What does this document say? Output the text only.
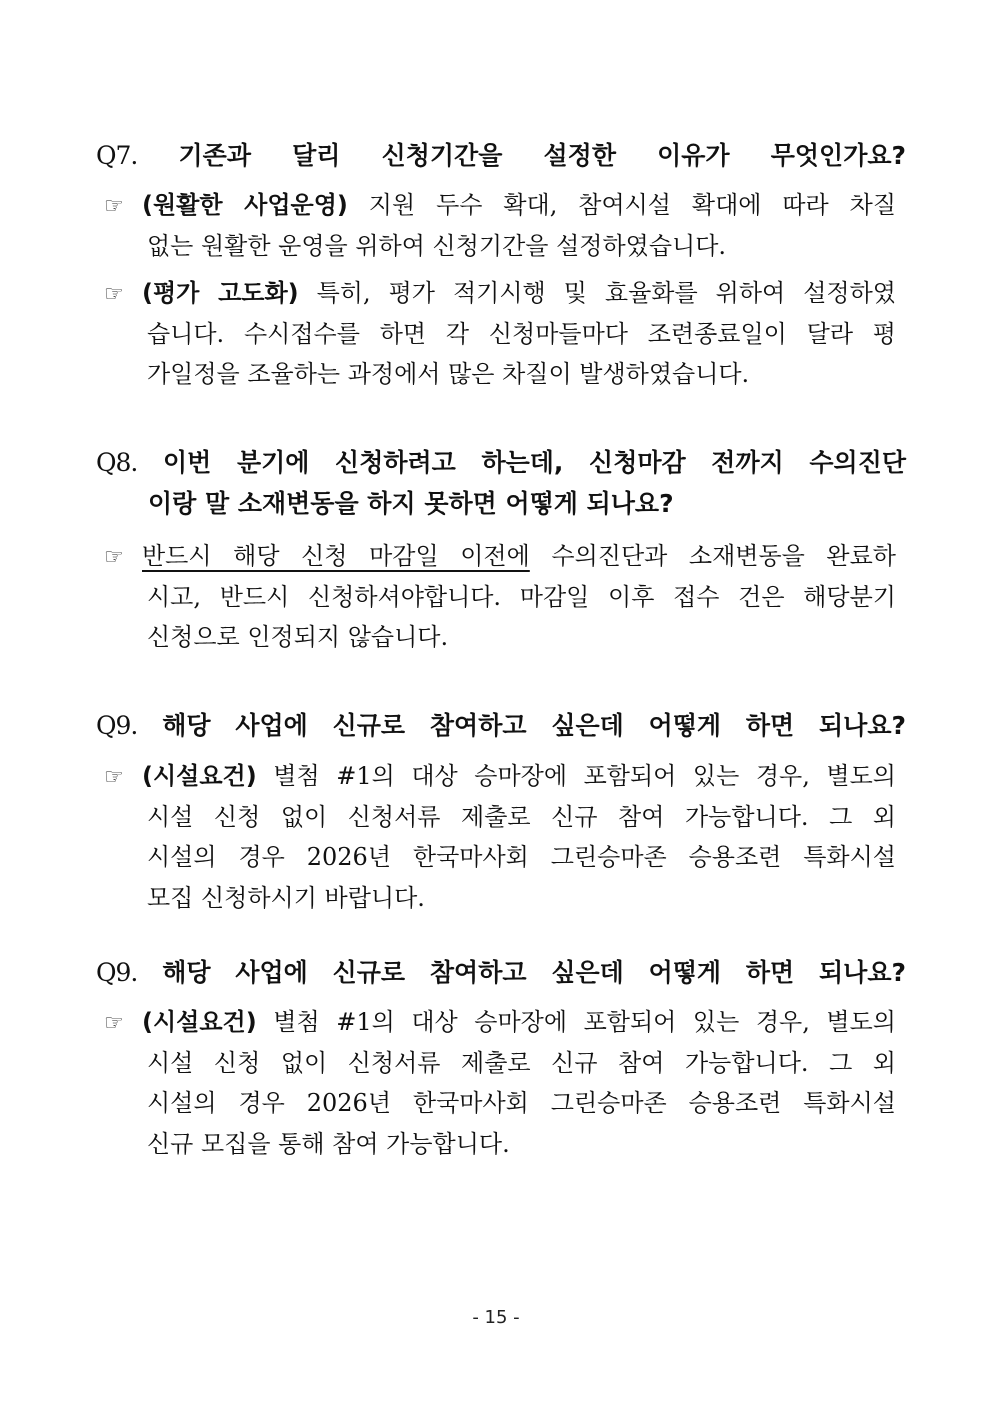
Q7. 기존과 달리 신청기간을 설정한 이유가 무엇인가요?
☞ (원활한 사업운영) 지원 두수 확대, 참여시설 확대에 따라 차질
없는 원활한 운영을 위하여 신청기간을 설정하였습니다.
☞ (평가 고도화) 특히, 평가 적기시행 및 효율화를 위하여 설정하였
습니다. 수시접수를 하면 각 신청마들마다 조련종료일이 달라 평
가일정을 조율하는 과정에서 많은 차질이 발생하였습니다.
Q8. 이번 분기에 신청하려고 하는데, 신청마감 전까지 수의진단
이랑 말 소재변동을 하지 못하면 어떻게 되나요?
☞ 반드시 해당 신청 마감일 이전에 수의진단과 소재변동을 완료하
시고, 반드시 신청하셔야합니다. 마감일 이후 접수 건은 해당분기
신청으로 인정되지 않습니다.
Q9. 해당 사업에 신규로 참여하고 싶은데 어떻게 하면 되나요?
☞ (시설요건) 별첨 #1의 대상 승마장에 포함되어 있는 경우, 별도의
시설 신청 없이 신청서류 제출로 신규 참여 가능합니다. 그 외
시설의 경우 2026년 한국마사회 그린승마존 승용조련 특화시설
모집 신청하시기 바랍니다.
Q9. 해당 사업에 신규로 참여하고 싶은데 어떻게 하면 되나요?
☞ (시설요건) 별첨 #1의 대상 승마장에 포함되어 있는 경우, 별도의
시설 신청 없이 신청서류 제출로 신규 참여 가능합니다. 그 외
시설의 경우 2026년 한국마사회 그린승마존 승용조련 특화시설
신규 모집을 통해 참여 가능합니다.
- 15 -
